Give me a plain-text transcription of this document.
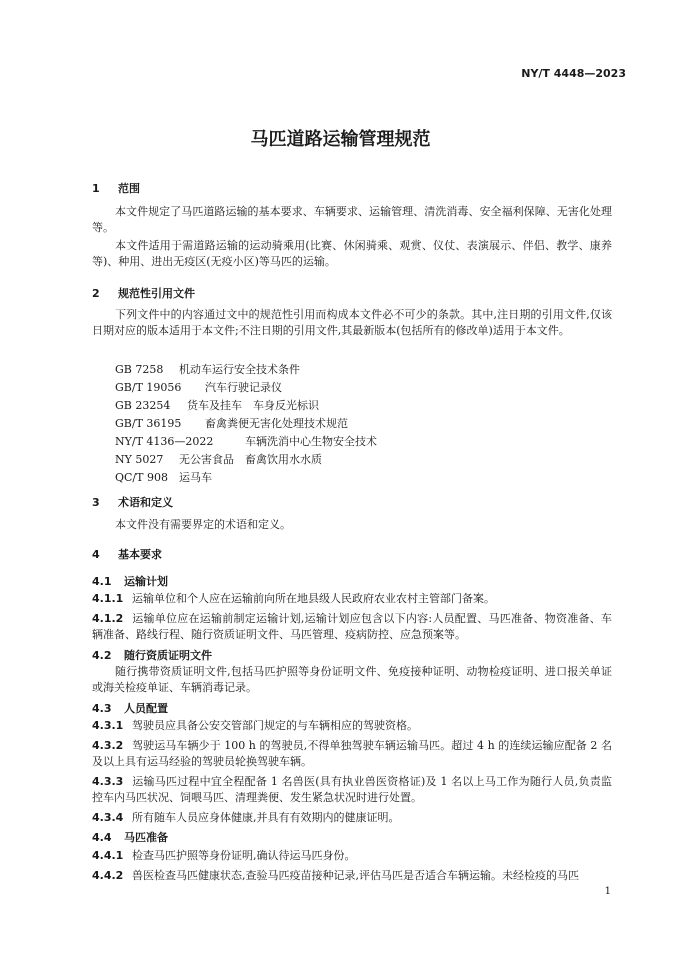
NY/T 4448—2023
马匹道路运输管理规范
1 范围
本文件规定了马匹道路运输的基本要求、车辆要求、运输管理、清洗消毒、安全福利保障、无害化处理等。
本文件适用于需道路运输的运动骑乘用(比赛、休闲骑乘、观赏、仪仗、表演展示、伴侣、教学、康养等)、种用、进出无疫区(无疫小区)等马匹的运输。
2 规范性引用文件
下列文件中的内容通过文中的规范性引用而构成本文件必不可少的条款。其中,注日期的引用文件,仅该日期对应的版本适用于本文件;不注日期的引用文件,其最新版本(包括所有的修改单)适用于本文件。
GB 7258 机动车运行安全技术条件
GB/T 19056 汽车行驶记录仪
GB 23254 货车及挂车　车身反光标识
GB/T 36195 畜禽粪便无害化处理技术规范
NY/T 4136—2022	车辆洗消中心生物安全技术
NY 5027 无公害食品　畜禽饮用水水质
QC/T 908 运马车
3 术语和定义
本文件没有需要界定的术语和定义。
4 基本要求
4.1 运输计划
4.1.1 运输单位和个人应在运输前向所在地县级人民政府农业农村主管部门备案。
4.1.2 运输单位应在运输前制定运输计划,运输计划应包含以下内容:人员配置、马匹准备、物资准备、车辆准备、路线行程、随行资质证明文件、马匹管理、疫病防控、应急预案等。
4.2 随行资质证明文件
随行携带资质证明文件,包括马匹护照等身份证明文件、免疫接种证明、动物检疫证明、进口报关单证或海关检疫单证、车辆消毒记录。
4.3 人员配置
4.3.1 驾驶员应具备公安交管部门规定的与车辆相应的驾驶资格。
4.3.2 驾驶运马车辆少于 100 h 的驾驶员,不得单独驾驶车辆运输马匹。超过 4 h 的连续运输应配备 2 名及以上具有运马经验的驾驶员轮换驾驶车辆。
4.3.3 运输马匹过程中宜全程配备 1 名兽医(具有执业兽医资格证)及 1 名以上马工作为随行人员,负责监控车内马匹状况、饲喂马匹、清理粪便、发生紧急状况时进行处置。
4.3.4 所有随车人员应身体健康,并具有有效期内的健康证明。
4.4 马匹准备
4.4.1 检查马匹护照等身份证明,确认待运马匹身份。
4.4.2 兽医检查马匹健康状态,查验马匹疫苗接种记录,评估马匹是否适合车辆运输。未经检疫的马匹
1
